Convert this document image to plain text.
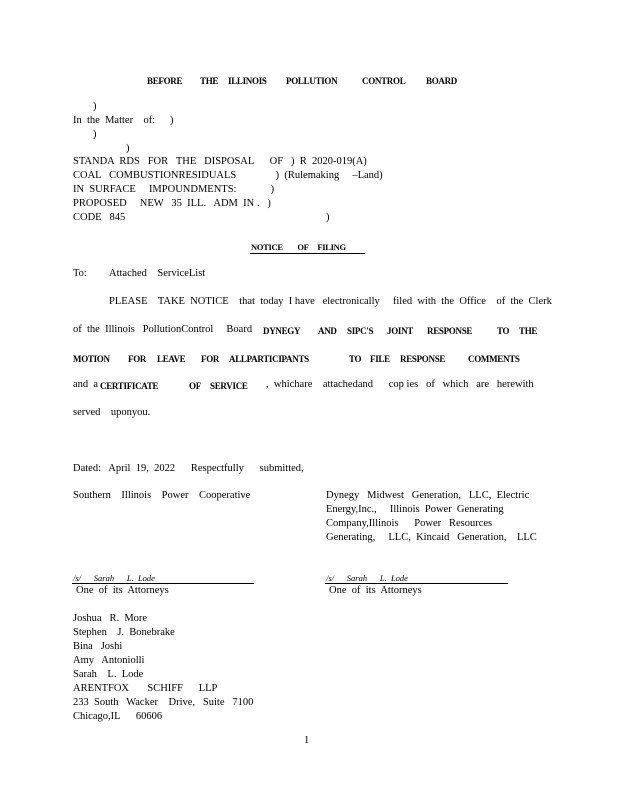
BEFORE THE ILLINOIS POLLUTION	CONTROL BOARD
)
In  the  Matter    of: )
)
)
STANDA  RDS   FOR   THE   DISPOSAL      OF   )  R  2020-019(A)
COAL   COMBUSTIONRESIDUALS               )  (Rulemaking     –Land)
IN  SURFACE     IMPOUNDMENTS:             )
PROPOSED     NEW   35  ILL.   ADM  IN .   )
CODE   845	)
NOTICE        OF     FILING
To: Attached    ServiceList
PLEASE    TAKE  NOTICE    that  today  I have   electronically     filed  with  the  Office    of  the  Clerk
of  the  Illinois   PollutionControl     Board DYNEGY AND SIPC'S JOINT RESPONSE	TO THE
MOTION FOR LEAVE FOR ALLPARTICIPANTS	TO FILE RESPONSE	COMMENTS
and  a CERTIFICATE	OF SERVICE ,  whichare    attachedand      cop ies   of   which   are   herewith
served    uponyou.
Dated:   April  19,  2022      Respectfully      submitted,
Southern    Illinois    Power    Cooperative	Dynegy   Midwest   Generation,   LLC,  Electric
Energy,Inc.,     Illinois  Power  Generating
Company,Illinois      Power   Resources
Generating,     LLC,  Kincaid   Generation,    LLC
/s/      Sarah      L.  Lode
One  of  its  Attorneys
/s/      Sarah      L.  Lode
One  of  its  Attorneys
Joshua   R.  More
Stephen    J.  Bonebrake
Bina   Joshi
Amy   Antoniolli
Sarah    L.  Lode
ARENTFOX       SCHIFF      LLP
233  South   Wacker    Drive,   Suite   7100
Chicago,IL      60606
1
